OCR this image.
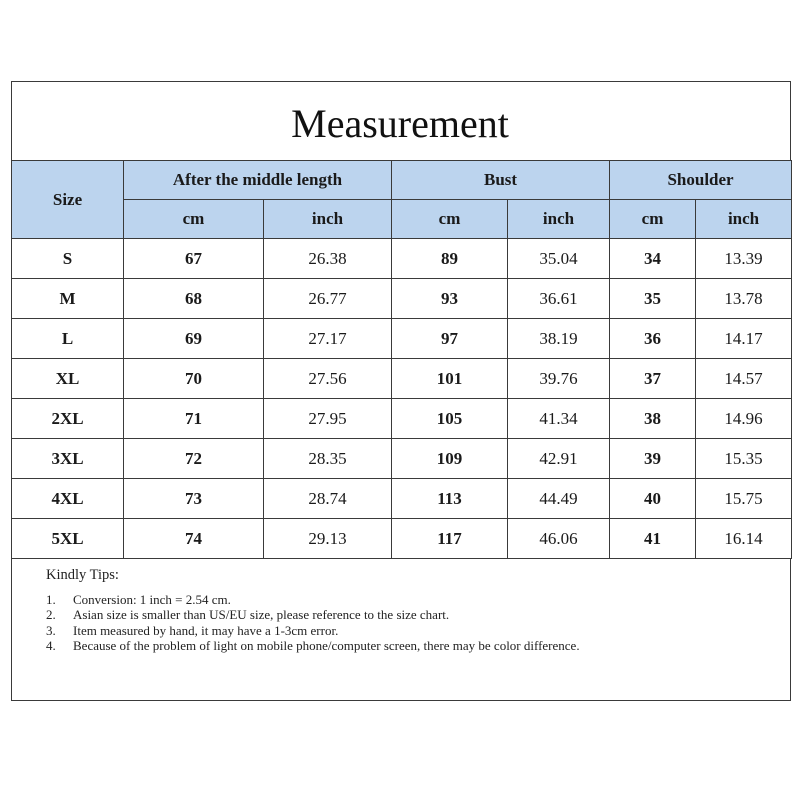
Measurement
Size	After the middle length		Bust		Shoulder	
	cm	inch	cm	inch	cm	inch
S	67	26.38	89	35.04	34	13.39
M	68	26.77	93	36.61	35	13.78
L	69	27.17	97	38.19	36	14.17
XL	70	27.56	101	39.76	37	14.57
2XL	71	27.95	105	41.34	38	14.96
3XL	72	28.35	109	42.91	39	15.35
4XL	73	28.74	113	44.49	40	15.75
5XL	74	29.13	117	46.06	41	16.14
Kindly Tips:
1.	Conversion: 1 inch = 2.54 cm.
2.	Asian size is smaller than US/EU size, please reference to the size chart.
3.	Item measured by hand, it may have a 1-3cm error.
4.	Because of the problem of light on mobile phone/computer screen, there may be color difference.
